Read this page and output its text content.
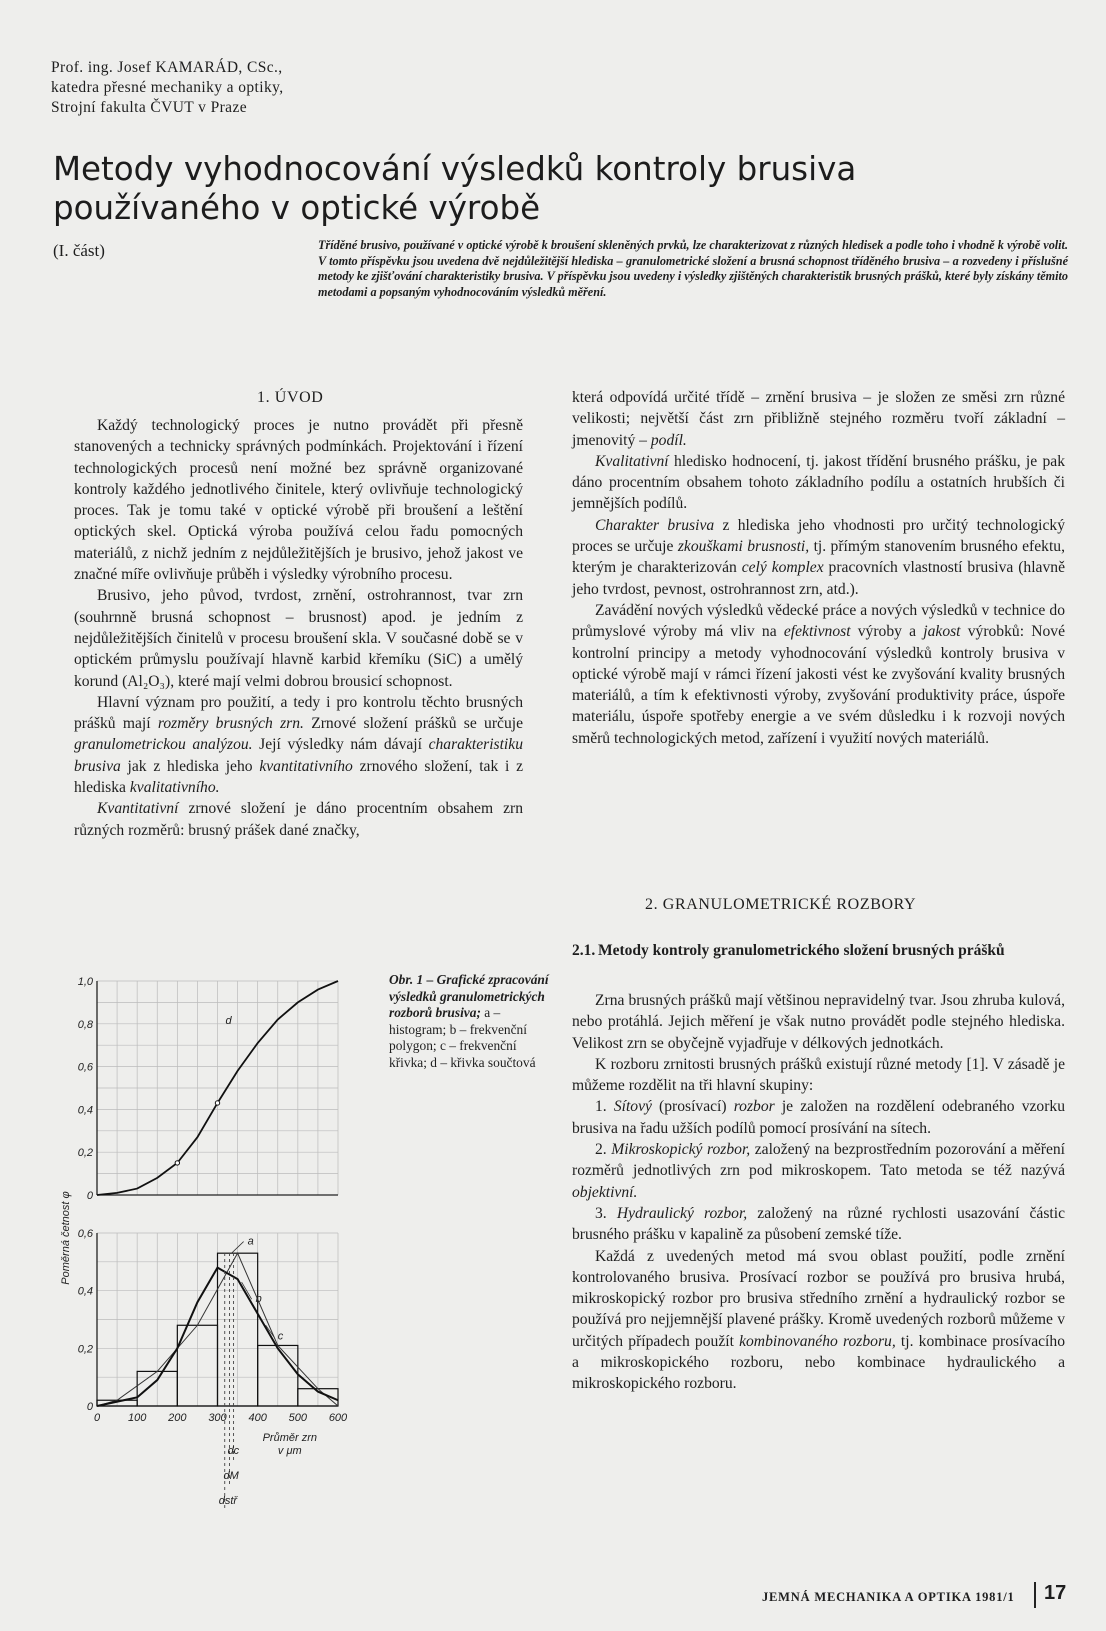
Prof. ing. Josef KAMARÁD, CSc.,
katedra přesné mechaniky a optiky,
Strojní fakulta ČVUT v Praze
Metody vyhodnocování výsledků kontroly brusiva používaného v optické výrobě
(I. část)	Tříděné brusivo, používané v optické výrobě k broušení skleněných prvků, lze charakterizovat z různých hledisek a podle toho i vhodně k výrobě volit. V tomto příspěvku jsou uvedena dvě nejdůležitější hlediska – granulometrické složení a brusná schopnost tříděného brusiva – a rozvedeny i příslušné metody ke zjišťování charakteristiky brusiva. V příspěvku jsou uvedeny i výsledky zjištěných charakteristik brusných prášků, které byly získány těmito metodami a popsaným vyhodnocováním výsledků měření.
1. ÚVOD

Každý technologický proces je nutno provádět při přesně stanovených a technicky správných podmínkách. Projektování i řízení technologických procesů není možné bez správně organizované kontroly každého jednotlivého činitele, který ovlivňuje technologický proces. Tak je tomu také v optické výrobě při broušení a leštění optických skel. Optická výroba používá celou řadu pomocných materiálů, z nichž jedním z nejdůležitějších je brusivo, jehož jakost ve značné míře ovlivňuje průběh i výsledky výrobního procesu.

Brusivo, jeho původ, tvrdost, zrnění, ostrohrannost, tvar zrn (souhrnně brusná schopnost – brusnost) apod. je jedním z nejdůležitějších činitelů v procesu broušení skla. V současné době se v optickém průmyslu používají hlavně karbid křemíku (SiC) a umělý korund (Al₂O₃), které mají velmi dobrou brousicí schopnost.

Hlavní význam pro použití, a tedy i pro kontrolu těchto brusných prášků mají rozměry brusných zrn. Zrnové složení prášků se určuje granulometrickou analýzou. Její výsledky nám dávají charakteristiku brusiva jak z hlediska jeho kvantitativního zrnového složení, tak i z hlediska kvalitativního.

Kvantitativní zrnové složení je dáno procentním obsahem zrn různých rozměrů: brusný prášek dané značky,

která odpovídá určité třídě – zrnění brusiva – je složen ze směsi zrn různé velikosti; největší část zrn přibližně stejného rozměru tvoří základní – jmenovitý – podíl.

Kvalitativní hledisko hodnocení, tj. jakost třídění brusného prášku, je pak dáno procentním obsahem tohoto základního podílu a ostatních hrubších či jemnějších podílů.

Charakter brusiva z hlediska jeho vhodnosti pro určitý technologický proces se určuje zkouškami brusnosti, tj. přímým stanovením brusného efektu, kterým je charakterizován celý komplex pracovních vlastností brusiva (hlavně jeho tvrdost, pevnost, ostrohrannost zrn, atd.).

Zavádění nových výsledků vědecké práce a nových výsledků v technice do průmyslové výroby má vliv na efektivnost výroby a jakost výrobků: Nové kontrolní principy a metody vyhodnocování výsledků kontroly brusiva v optické výrobě mají v rámci řízení jakosti vést ke zvyšování kvality brusných materiálů, a tím k efektivnosti výroby, zvyšování produktivity práce, úspoře materiálu, úspoře spotřeby energie a ve svém důsledku i k rozvoji nových směrů technologických metod, zařízení i využití nových materiálů.

2. GRANULOMETRICKÉ ROZBORY
2.1. Metody kontroly granulometrického složení brusných prášků

Zrna brusných prášků mají většinou nepravidelný tvar. Jsou zhruba kulová, nebo protáhlá. Jejich měření je však nutno provádět podle stejného hlediska. Velikost zrn se obyčejně vyjadřuje v délkových jednotkách.

K rozboru zrnitosti brusných prášků existují různé metody [1]. V zásadě je můžeme rozdělit na tři hlavní skupiny:

1. Sítový (prosívací) rozbor je založen na rozdělení odebraného vzorku brusiva na řadu užších podílů pomocí prosívání na sítech.

2. Mikroskopický rozbor, založený na bezprostředním pozorování a měření rozměrů jednotlivých zrn pod mikroskopem. Tato metoda se též nazývá objektivní.

3. Hydraulický rozbor, založený na různé rychlosti usazování částic brusného prášku v kapalině za působení zemské tíže.

Každá z uvedených metod má svou oblast použití, podle zrnění kontrolovaného brusiva. Prosívací rozbor se používá pro brusiva hrubá, mikroskopický rozbor pro brusiva středního zrnění a hydraulický rozbor se používá pro nejjemnější plavené prášky. Kromě uvedených rozborů můžeme v určitých případech použít kombinovaného rozboru, tj. kombinace prosívacího a mikroskopického rozboru, nebo kombinace hydraulického a mikroskopického rozboru.

Obr. 1 – Grafické zpracování výsledků granulometrických rozborů brusiva; a – histogram; b – frekvenční polygon; c – frekvenční křivka; d – křivka součtová
0
0,2
0,4
0,6
0,8
1,0
0
0,2
0,4
0,6
0	100 200 300 400 500 600
d
a
b
c
dc
dM
dstř
Průměr zrn
v μm
Poměrná četnost φ
JEMNÁ MECHANIKA A OPTIKA 1981/1 17
